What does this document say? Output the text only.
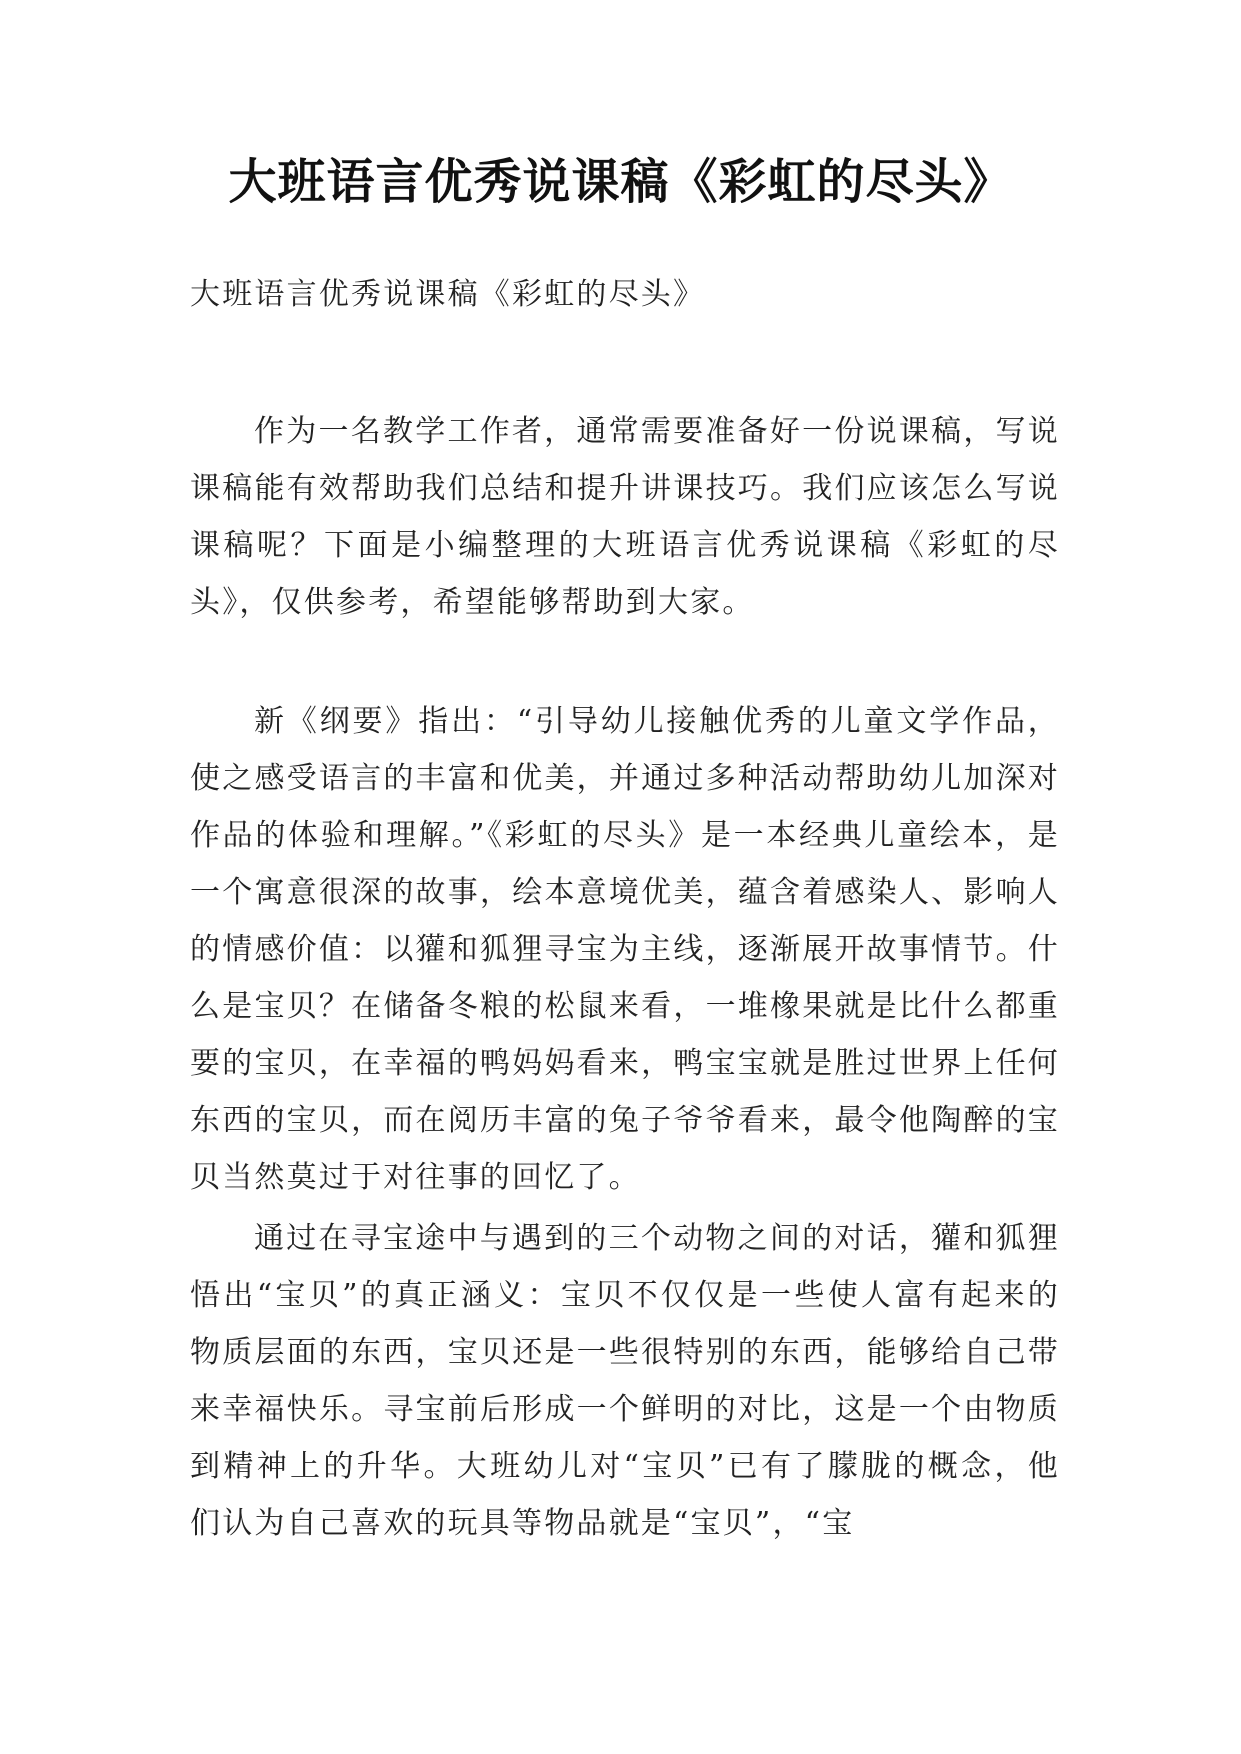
大班语言优秀说课稿《彩虹的尽头》
大班语言优秀说课稿《彩虹的尽头》

作为一名教学工作者，通常需要准备好一份说课稿，写说课稿能有效帮助我们总结和提升讲课技巧。我们应该怎么写说课稿呢？下面是小编整理的大班语言优秀说课稿《彩虹的尽头》，仅供参考，希望能够帮助到大家。

新《纲要》指出：“引导幼儿接触优秀的儿童文学作品，使之感受语言的丰富和优美，并通过多种活动帮助幼儿加深对作品的体验和理解。”《彩虹的尽头》是一本经典儿童绘本，是一个寓意很深的故事，绘本意境优美，蕴含着感染人、影响人的情感价值：以獾和狐狸寻宝为主线，逐渐展开故事情节。什么是宝贝？在储备冬粮的松鼠来看，一堆橡果就是比什么都重要的宝贝，在幸福的鸭妈妈看来，鸭宝宝就是胜过世界上任何东西的宝贝，而在阅历丰富的兔子爷爷看来，最令他陶醉的宝贝当然莫过于对往事的回忆了。

通过在寻宝途中与遇到的三个动物之间的对话，獾和狐狸悟出“宝贝”的真正涵义：宝贝不仅仅是一些使人富有起来的物质层面的东西，宝贝还是一些很特别的东西，能够给自己带来幸福快乐。寻宝前后形成一个鲜明的对比，这是一个由物质到精神上的升华。大班幼儿对“宝贝”已有了朦胧的概念，他们认为自己喜欢的玩具等物品就是“宝贝”，“宝
